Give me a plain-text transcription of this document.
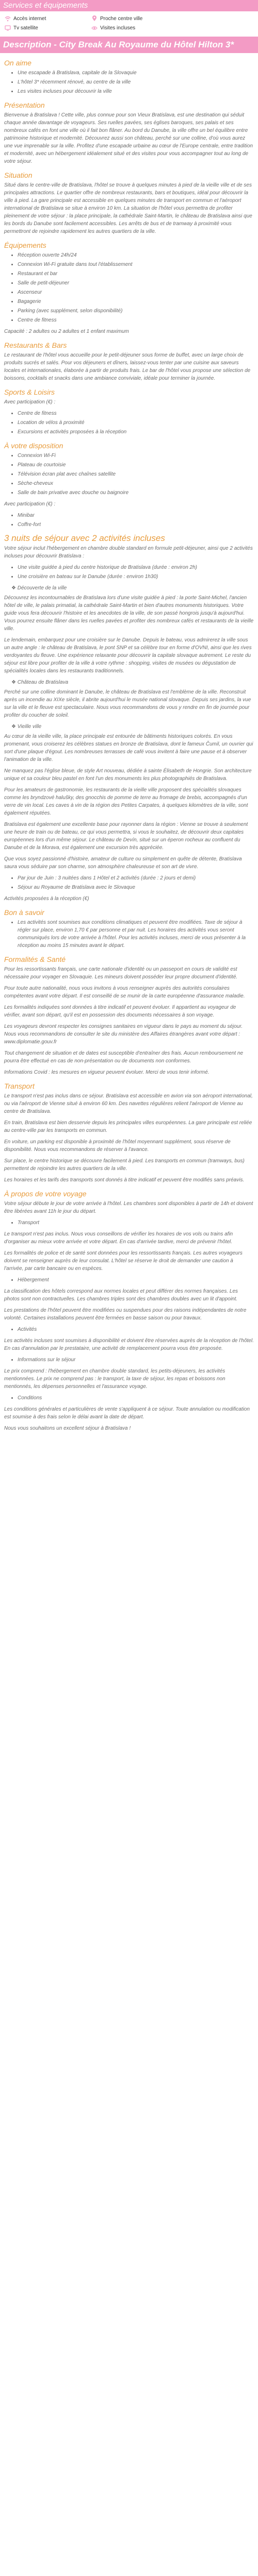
Services et équipements
Accès internet	Proche centre ville
Tv satellite	Visites incluses
Description - City Break Au Royaume du Hôtel Hilton 3*
On aime
• Une escapade à Bratislava, capitale de la Slovaquie
• L'hôtel 3* récemment rénové, au centre de la ville
• Les visites incluses pour découvrir la ville
Présentation

Bienvenue à Bratislava ! Cette ville, plus connue pour son Vieux Bratislava, est une destination qui séduit chaque année davantage de voyageurs. Ses ruelles pavées, ses églises baroques, ses palais et ses nombreux cafés en font une ville où il fait bon flâner. Au bord du Danube, la ville offre un bel équilibre entre patrimoine historique et modernité. Découvrez aussi son château, perché sur une colline, d'où vous aurez une vue imprenable sur la ville. Profitez d'une escapade urbaine au cœur de l'Europe centrale, entre tradition et modernité, avec un hébergement idéalement situé et des visites pour vous accompagner tout au long de votre séjour.

Situation

Situé dans le centre-ville de Bratislava, l'hôtel se trouve à quelques minutes à pied de la vieille ville et de ses principales attractions. Le quartier offre de nombreux restaurants, bars et boutiques, idéal pour découvrir la ville à pied. La gare principale est accessible en quelques minutes de transport en commun et l'aéroport international de Bratislava se situe à environ 10 km. La situation de l'hôtel vous permettra de profiter pleinement de votre séjour : la place principale, la cathédrale Saint-Martin, le château de Bratislava ainsi que les bords du Danube sont facilement accessibles. Les arrêts de bus et de tramway à proximité vous permettront de rejoindre rapidement les autres quartiers de la ville.

Équipements
• Réception ouverte 24h/24
• Connexion Wi-Fi gratuite dans tout l'établissement
• Restaurant et bar
• Salle de petit-déjeuner
• Ascenseur
• Bagagerie
• Parking (avec supplément, selon disponibilité)
• Centre de fitness

Capacité : 2 adultes ou 2 adultes et 1 enfant maximum

Restaurants & Bars

Le restaurant de l'hôtel vous accueille pour le petit-déjeuner sous forme de buffet, avec un large choix de produits sucrés et salés. Pour vos déjeuners et dîners, laissez-vous tenter par une cuisine aux saveurs locales et internationales, élaborée à partir de produits frais. Le bar de l'hôtel vous propose une sélection de boissons, cocktails et snacks dans une ambiance conviviale, idéale pour terminer la journée.

Sports & Loisirs

Avec participation (€) :

• Centre de fitness
• Location de vélos à proximité
• Excursions et activités proposées à la réception
À votre disposition
• Connexion Wi-Fi
• Plateau de courtoisie
• Télévision écran plat avec chaînes satellite
• Sèche-cheveux
• Salle de bain privative avec douche ou baignoire

Avec participation (€) :

• Minibar
• Coffre-fort
3 nuits de séjour avec 2 activités incluses

Votre séjour inclut l'hébergement en chambre double standard en formule petit-déjeuner, ainsi que 2 activités incluses pour découvrir Bratislava :

• Une visite guidée à pied du centre historique de Bratislava (durée : environ 2h)
• Une croisière en bateau sur le Danube (durée : environ 1h30)
❖ Découverte de la ville

Découvrez les incontournables de Bratislava lors d'une visite guidée à pied : la porte Saint-Michel, l'ancien hôtel de ville, le palais primatial, la cathédrale Saint-Martin et bien d'autres monuments historiques. Votre guide vous fera découvrir l'histoire et les anecdotes de la ville, de son passé hongrois jusqu'à aujourd'hui. Vous pourrez ensuite flâner dans les ruelles pavées et profiter des nombreux cafés et restaurants de la vieille ville.

Le lendemain, embarquez pour une croisière sur le Danube. Depuis le bateau, vous admirerez la ville sous un autre angle : le château de Bratislava, le pont SNP et sa célèbre tour en forme d'OVNI, ainsi que les rives verdoyantes du fleuve. Une expérience relaxante pour découvrir la capitale slovaque autrement. Le reste du séjour est libre pour profiter de la ville à votre rythme : shopping, visites de musées ou dégustation de spécialités locales dans les restaurants traditionnels.

❖ Château de Bratislava

Perché sur une colline dominant le Danube, le château de Bratislava est l'emblème de la ville. Reconstruit après un incendie au XIXe siècle, il abrite aujourd'hui le musée national slovaque. Depuis ses jardins, la vue sur la ville et le fleuve est spectaculaire. Nous vous recommandons de vous y rendre en fin de journée pour profiter du coucher de soleil.

❖ Vieille ville

Au cœur de la vieille ville, la place principale est entourée de bâtiments historiques colorés. En vous promenant, vous croiserez les célèbres statues en bronze de Bratislava, dont le fameux Čumil, un ouvrier qui sort d'une plaque d'égout. Les nombreuses terrasses de café vous invitent à faire une pause et à observer l'animation de la ville.

Ne manquez pas l'église bleue, de style Art nouveau, dédiée à sainte Élisabeth de Hongrie. Son architecture unique et sa couleur bleu pastel en font l'un des monuments les plus photographiés de Bratislava.

Pour les amateurs de gastronomie, les restaurants de la vieille ville proposent des spécialités slovaques comme les bryndzové halušky, des gnocchis de pomme de terre au fromage de brebis, accompagnés d'un verre de vin local. Les caves à vin de la région des Petites Carpates, à quelques kilomètres de la ville, sont également réputées.

Bratislava est également une excellente base pour rayonner dans la région : Vienne se trouve à seulement une heure de train ou de bateau, ce qui vous permettra, si vous le souhaitez, de découvrir deux capitales européennes lors d'un même séjour. Le château de Devín, situé sur un éperon rocheux au confluent du Danube et de la Morava, est également une excursion très appréciée.

Que vous soyez passionné d'histoire, amateur de culture ou simplement en quête de détente, Bratislava saura vous séduire par son charme, son atmosphère chaleureuse et son art de vivre.

• Par jour de Juin : 3 nuitées dans 1 Hôtel et 2 activités (durée : 2 jours et demi)
• Séjour au Royaume de Bratislava avec le Slovaque

Activités proposées à la réception (€)

Bon à savoir
• Les activités sont soumises aux conditions climatiques et peuvent être modifiées. Taxe de séjour à régler sur place, environ 1,70 € par personne et par nuit. Les horaires des activités vous seront communiqués lors de votre arrivée à l'hôtel. Pour les activités incluses, merci de vous présenter à la réception au moins 15 minutes avant le départ.
Formalités & Santé

Pour les ressortissants français, une carte nationale d'identité ou un passeport en cours de validité est nécessaire pour voyager en Slovaquie. Les mineurs doivent posséder leur propre document d'identité.

Pour toute autre nationalité, nous vous invitons à vous renseigner auprès des autorités consulaires compétentes avant votre départ. Il est conseillé de se munir de la carte européenne d'assurance maladie.

Les formalités indiquées sont données à titre indicatif et peuvent évoluer. Il appartient au voyageur de vérifier, avant son départ, qu'il est en possession des documents nécessaires à son voyage.

Les voyageurs devront respecter les consignes sanitaires en vigueur dans le pays au moment du séjour. Nous vous recommandons de consulter le site du ministère des Affaires étrangères avant votre départ : www.diplomatie.gouv.fr

Tout changement de situation et de dates est susceptible d'entraîner des frais. Aucun remboursement ne pourra être effectué en cas de non-présentation ou de documents non conformes.

Informations Covid : les mesures en vigueur peuvent évoluer. Merci de vous tenir informé.

Transport

Le transport n'est pas inclus dans ce séjour. Bratislava est accessible en avion via son aéroport international, ou via l'aéroport de Vienne situé à environ 60 km. Des navettes régulières relient l'aéroport de Vienne au centre de Bratislava.

En train, Bratislava est bien desservie depuis les principales villes européennes. La gare principale est reliée au centre-ville par les transports en commun.

En voiture, un parking est disponible à proximité de l'hôtel moyennant supplément, sous réserve de disponibilité. Nous vous recommandons de réserver à l'avance.

Sur place, le centre historique se découvre facilement à pied. Les transports en commun (tramways, bus) permettent de rejoindre les autres quartiers de la ville.

Les horaires et les tarifs des transports sont donnés à titre indicatif et peuvent être modifiés sans préavis.

À propos de votre voyage

Votre séjour débute le jour de votre arrivée à l'hôtel. Les chambres sont disponibles à partir de 14h et doivent être libérées avant 11h le jour du départ.

• Transport

Le transport n'est pas inclus. Nous vous conseillons de vérifier les horaires de vos vols ou trains afin d'organiser au mieux votre arrivée et votre départ. En cas d'arrivée tardive, merci de prévenir l'hôtel.

Les formalités de police et de santé sont données pour les ressortissants français. Les autres voyageurs doivent se renseigner auprès de leur consulat. L'hôtel se réserve le droit de demander une caution à l'arrivée, par carte bancaire ou en espèces.

• Hébergement

La classification des hôtels correspond aux normes locales et peut différer des normes françaises. Les photos sont non contractuelles. Les chambres triples sont des chambres doubles avec un lit d'appoint.

Les prestations de l'hôtel peuvent être modifiées ou suspendues pour des raisons indépendantes de notre volonté. Certaines installations peuvent être fermées en basse saison ou pour travaux.

• Activités

Les activités incluses sont soumises à disponibilité et doivent être réservées auprès de la réception de l'hôtel. En cas d'annulation par le prestataire, une activité de remplacement pourra vous être proposée.

• Informations sur le séjour

Le prix comprend : l'hébergement en chambre double standard, les petits-déjeuners, les activités mentionnées. Le prix ne comprend pas : le transport, la taxe de séjour, les repas et boissons non mentionnés, les dépenses personnelles et l'assurance voyage.

• Conditions

Les conditions générales et particulières de vente s'appliquent à ce séjour. Toute annulation ou modification est soumise à des frais selon le délai avant la date de départ.

Nous vous souhaitons un excellent séjour à Bratislava !
